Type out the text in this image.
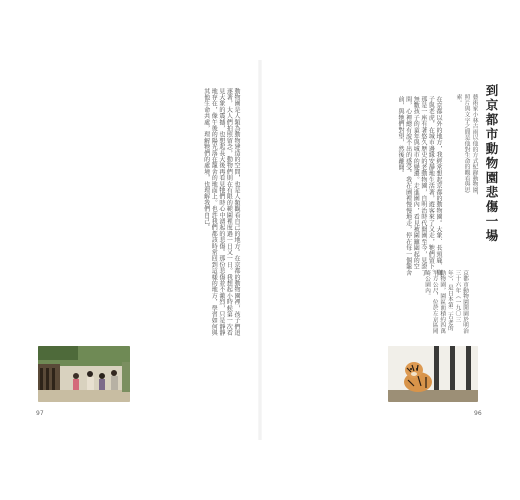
動物園是人類為動物建造的空間，也是人類觀看自己的地方。在京都的動物園裡，孩子們追逐著，大人們拍照留念，動物們則在有限的範圍裡度過一日又一日。我想起小時候第一次看見大象的震撼，也想起長大後再看見牠們時心中湧起的悲傷。那份悲傷並不激烈，只是靜靜地存在，像午後的陽光落在籠舍的地面上。也許我們都該時常回到這樣的地方，學習如何與其他生命共處，理解牠們的處境，也理解我們自己。
97
到京都市動物園悲傷一場
藝術家小林古雨以他的方式紀錄動物園，照片與文字之間是他對生命的觀看與思索。
在京都以外的地方，我經常想起京都的動物園。大象、長頸鹿、獅子與老虎，在城市邊緣安靜地生活著，遊客來了又走，牠們留下。那是一座有著悠久歷史的老動物園，自明治時代開園至今，見證了無數孩子的童年與城市的變遷。走進園內，看見被圍籬圍起的空間，心裡總有說不出的感受。我在園裡慢慢地走，停在每一個籠舍前，與牠們對望，然後離開。
京都市動物園開園於明治三十六年（一九〇三年），是日本第二古老的動物園，園區面積約四萬平方公尺，位於左京區岡崎公園內。
96
